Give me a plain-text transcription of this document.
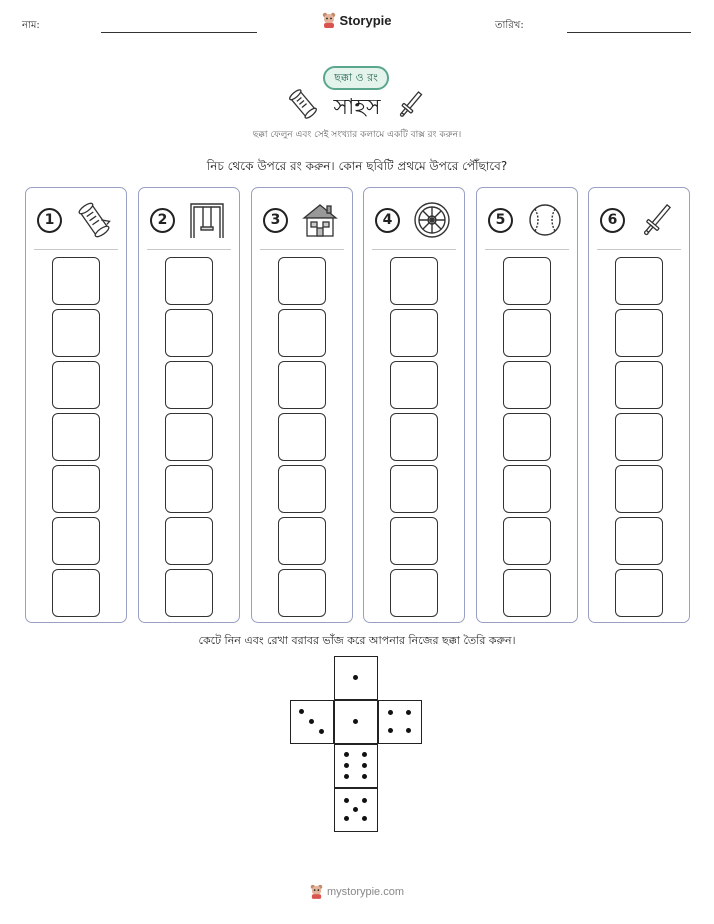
নাম:	Storypie	তারিখ:
ছক্কা ও রং
সাহস
ছক্কা ফেলুন এবং সেই সংখ্যার কলামে একটি বাক্স রং করুন।
নিচ থেকে উপরে রং করুন। কোন ছবিটি প্রথমে উপরে পৌঁছাবে?
1	2	3	4	5	6
কেটে নিন এবং রেখা বরাবর ভাঁজ করে আপনার নিজের ছক্কা তৈরি করুন।
mystorypie.com
